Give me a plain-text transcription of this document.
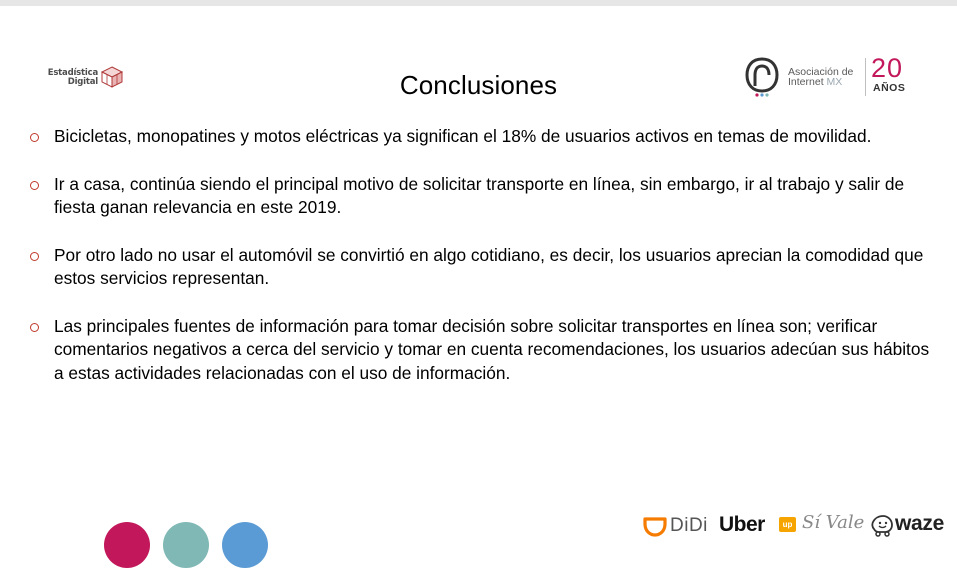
Estadística
Digital	Conclusiones	Asociación de
Internet MX	20
AÑOS
Bicicletas, monopatines y motos eléctricas ya significan el 18% de usuarios activos en temas de movilidad.
Ir a casa, continúa siendo el principal motivo de solicitar transporte en línea, sin embargo, ir al trabajo y salir de fiesta ganan relevancia en este 2019.
Por otro lado no usar el automóvil se convirtió en algo cotidiano, es decir, los usuarios aprecian la comodidad que estos servicios representan.
Las principales fuentes de información para tomar decisión sobre solicitar transportes en línea son; verificar comentarios negativos a cerca del servicio y tomar en cuenta recomendaciones, los usuarios adecúan sus hábitos a estas actividades relacionadas con el uso de información.
DiDi Uber	up Sí Vale waze
